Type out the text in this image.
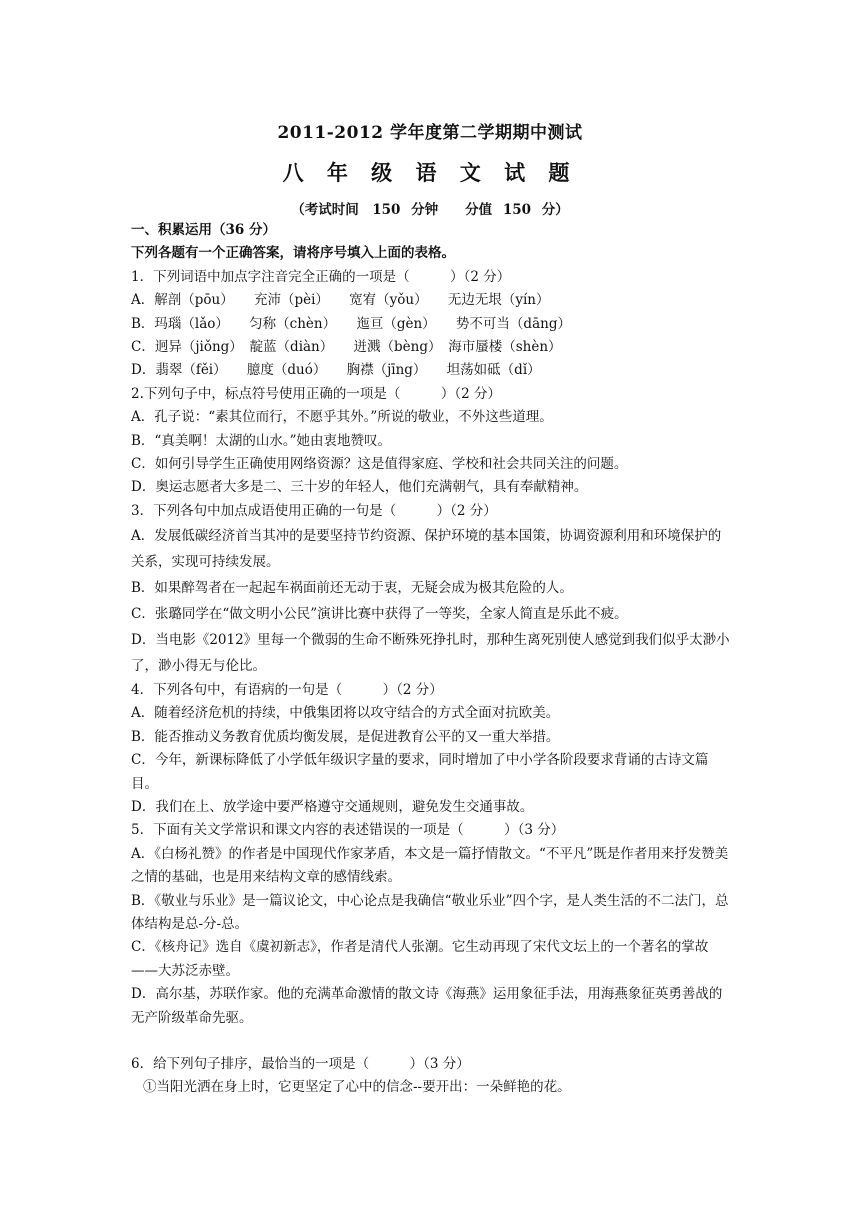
2011-2012 学年度第二学期期中测试
八 年 级 语 文 试 题
（考试时间　150 分钟　　分值 150 分）
一、积累运用（36 分）
下列各题有一个正确答案，请将序号填入上面的表格。
1．下列词语中加点字注音完全正确的一项是（　　　）（2 分）
A．解剖（pōu）　　充沛（pèi）　　宽宥（yǒu）　　无边无垠（yín）
B．玛瑙（lǎo）　　匀称（chèn）　　迤亘（gèn）　　势不可当（dāng）
C．迥异（jiǒng）　靛蓝（diàn）　　迸溅（bèng）　海市蜃楼（shèn）
D．翡翠（fěi）　　臆度（duó）　　胸襟（jīng）　　坦荡如砥（dǐ）
2.下列句子中，标点符号使用正确的一项是（　　　）（2 分）
A．孔子说：“素其位而行，不愿乎其外。”所说的敬业，不外这些道理。
B．“真美啊！太湖的山水。”她由衷地赞叹。
C．如何引导学生正确使用网络资源？这是值得家庭、学校和社会共同关注的问题。
D．奥运志愿者大多是二、三十岁的年轻人，他们充满朝气，具有奉献精神。
3．下列各句中加点成语使用正确的一句是（　　　）（2 分）
A．发展低碳经济首当其冲的是要坚持节约资源、保护环境的基本国策，协调资源利用和环境保护的关系，实现可持续发展。
B．如果醉驾者在一起起车祸面前还无动于衷，无疑会成为极其危险的人。
C．张璐同学在“做文明小公民”演讲比赛中获得了一等奖，全家人简直是乐此不疲。
D．当电影《2012》里每一个微弱的生命不断殊死挣扎时，那种生离死别使人感觉到我们似乎太渺小了，渺小得无与伦比。
4．下列各句中，有语病的一句是（　　　）（2 分）
A．随着经济危机的持续，中俄集团将以攻守结合的方式全面对抗欧美。
B．能否推动义务教育优质均衡发展，是促进教育公平的又一重大举措。
C．今年，新课标降低了小学低年级识字量的要求，同时增加了中小学各阶段要求背诵的古诗文篇目。
D．我们在上、放学途中要严格遵守交通规则，避免发生交通事故。
5．下面有关文学常识和课文内容的表述错误的一项是（　　　）（3 分）
A．《白杨礼赞》的作者是中国现代作家茅盾，本文是一篇抒情散文。“不平凡”既是作者用来抒发赞美之情的基础，也是用来结构文章的感情线索。
B．《敬业与乐业》是一篇议论文，中心论点是我确信“敬业乐业”四个字，是人类生活的不二法门，总体结构是总-分-总。
C．《核舟记》选自《虞初新志》，作者是清代人张潮。它生动再现了宋代文坛上的一个著名的掌故——大苏泛赤壁。
D．高尔基，苏联作家。他的充满革命激情的散文诗《海燕》运用象征手法，用海燕象征英勇善战的无产阶级革命先驱。
6．给下列句子排序，最恰当的一项是（　　　）（3 分）
①当阳光洒在身上时，它更坚定了心中的信念--要开出：一朵鲜艳的花。
